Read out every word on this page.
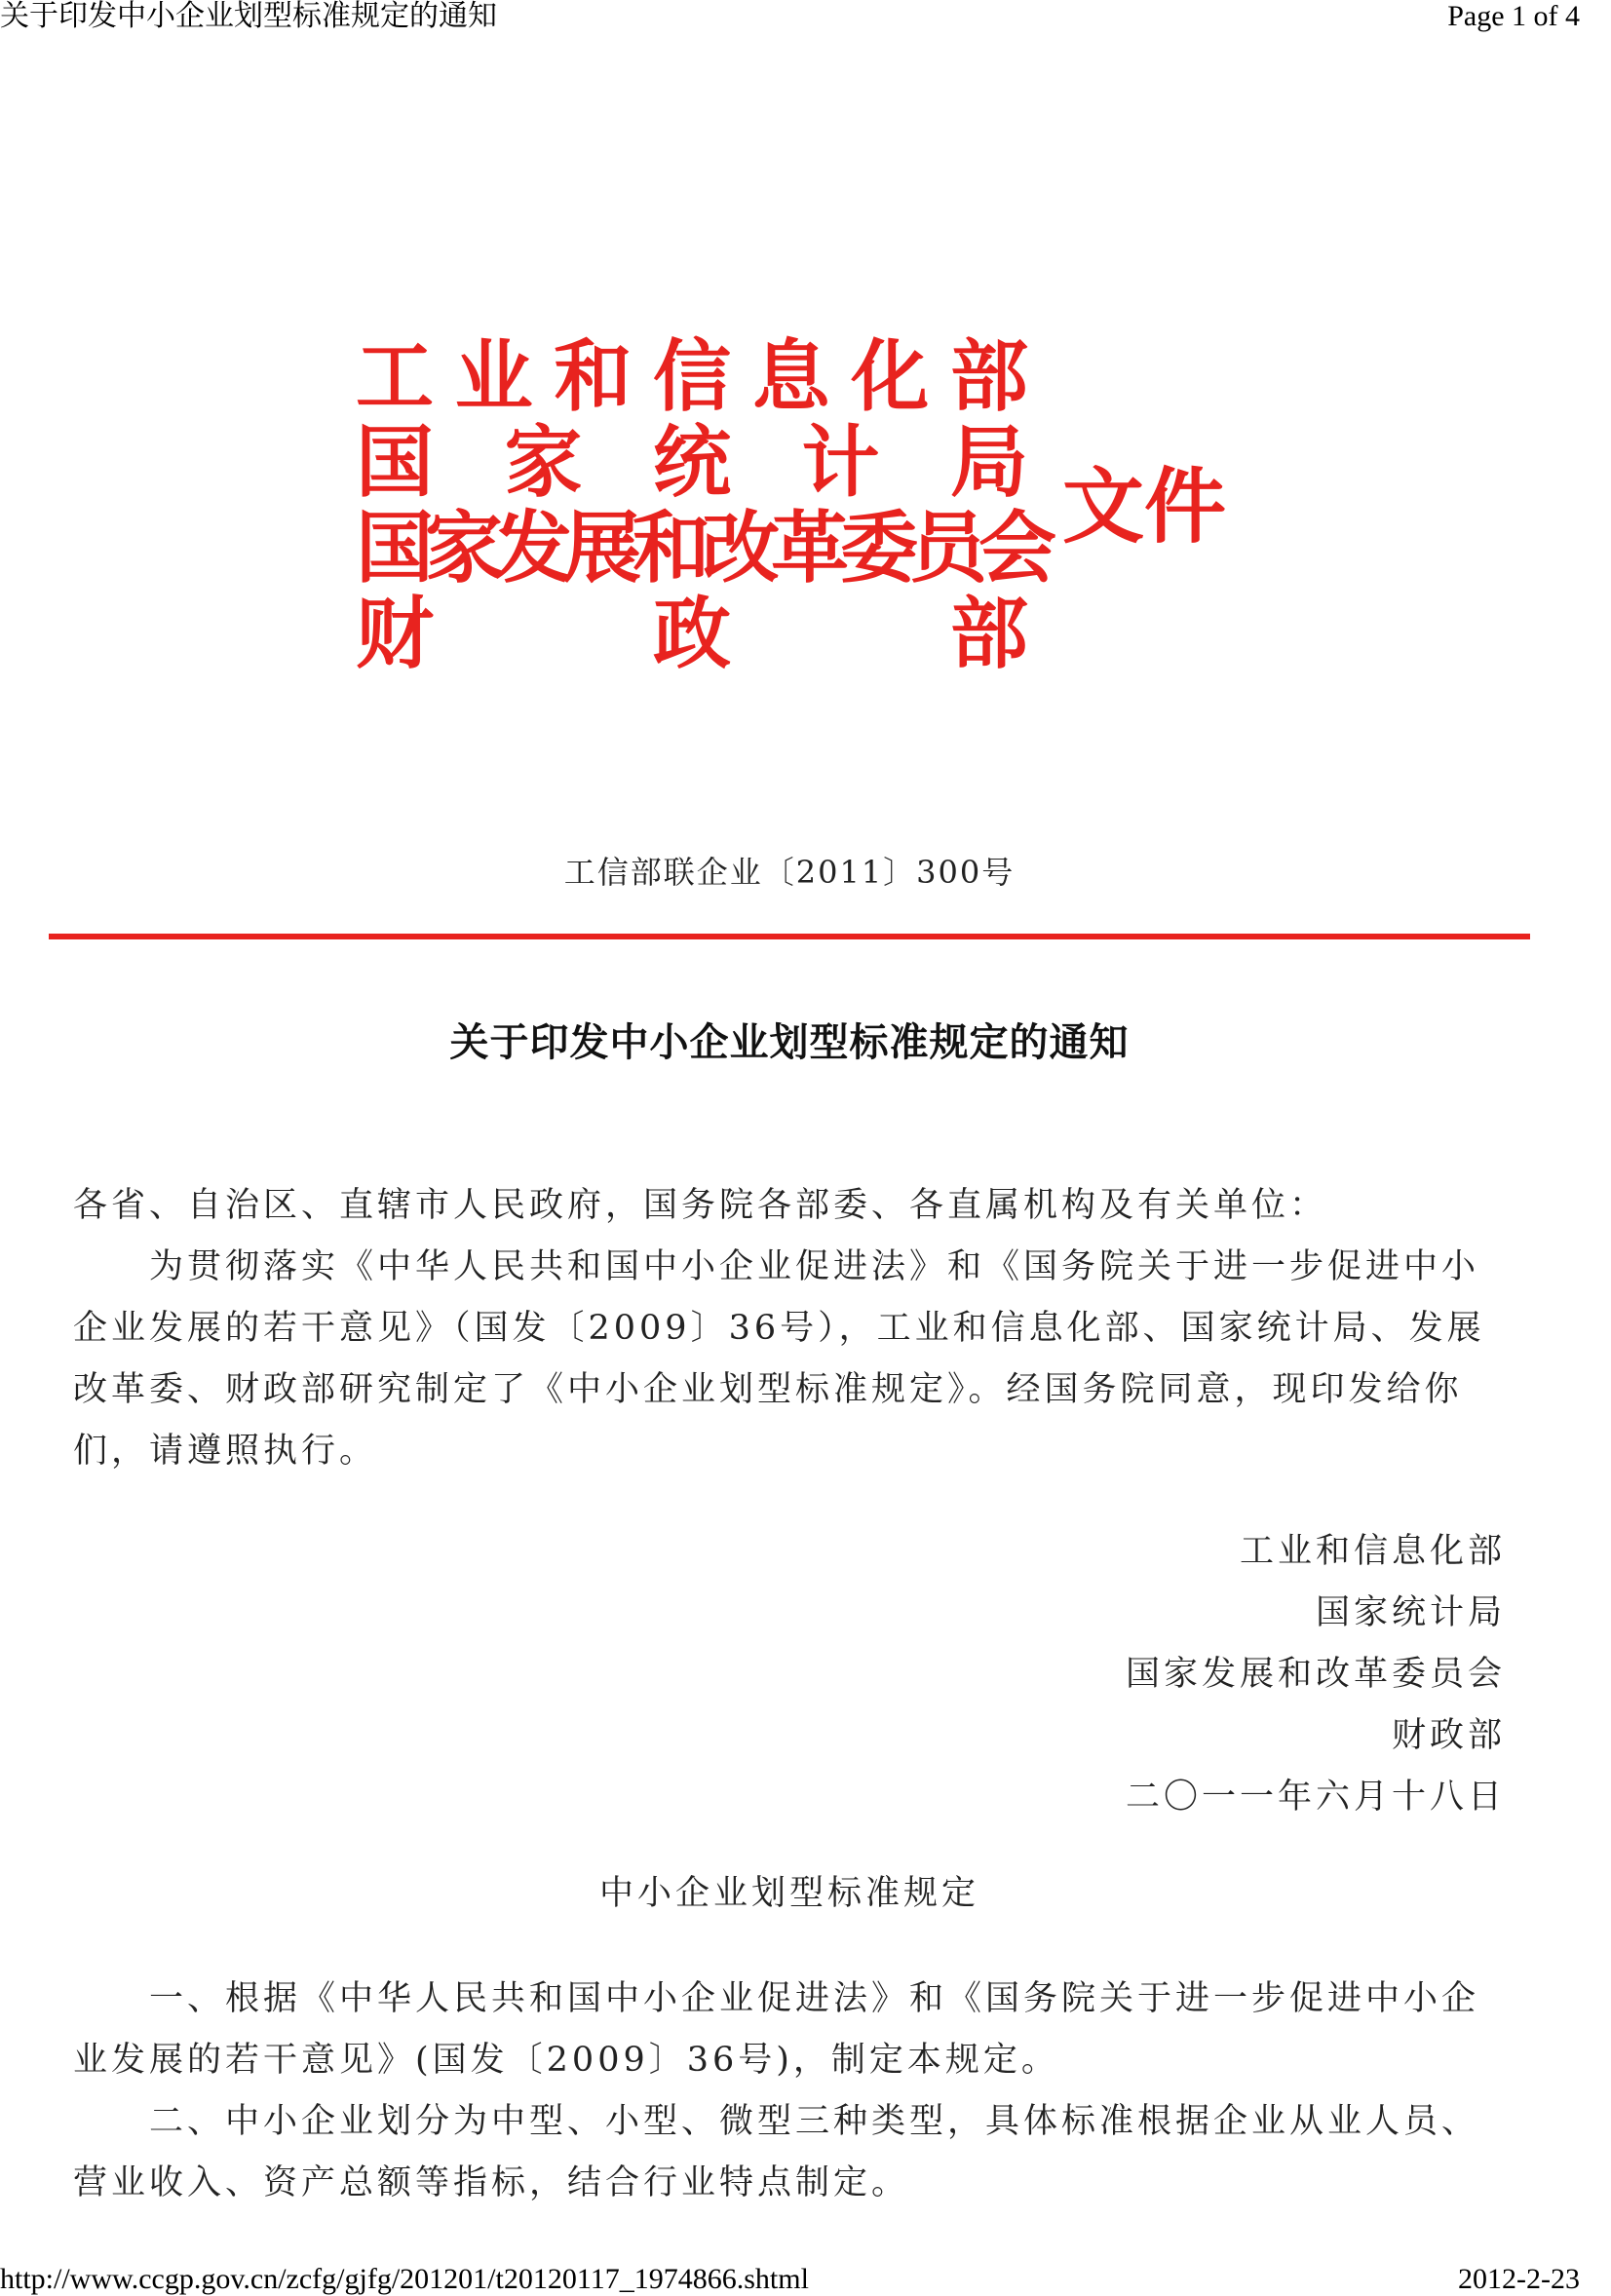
关于印发中小企业划型标准规定的通知	Page 1 of 4
工 业 和 信 息 化 部
国 家 统 计 局
国家发展和改革委员会
财	政	部
文件
工信部联企业〔2011〕300号
关于印发中小企业划型标准规定的通知

各省、自治区、直辖市人民政府，国务院各部委、各直属机构及有关单位：

为贯彻落实《中华人民共和国中小企业促进法》和《国务院关于进一步促进中小企业发展的若干意见》（国发〔2009〕36号），工业和信息化部、国家统计局、发展改革委、财政部研究制定了《中小企业划型标准规定》。经国务院同意，现印发给你们，请遵照执行。

工业和信息化部
国家统计局
国家发展和改革委员会
财政部
二〇一一年六月十八日
中小企业划型标准规定

一、根据《中华人民共和国中小企业促进法》和《国务院关于进一步促进中小企业发展的若干意见》(国发〔2009〕36号)，制定本规定。

二、中小企业划分为中型、小型、微型三种类型，具体标准根据企业从业人员、营业收入、资产总额等指标，结合行业特点制定。

http://www.ccgp.gov.cn/zcfg/gjfg/201201/t20120117_1974866.shtml	2012-2-23
